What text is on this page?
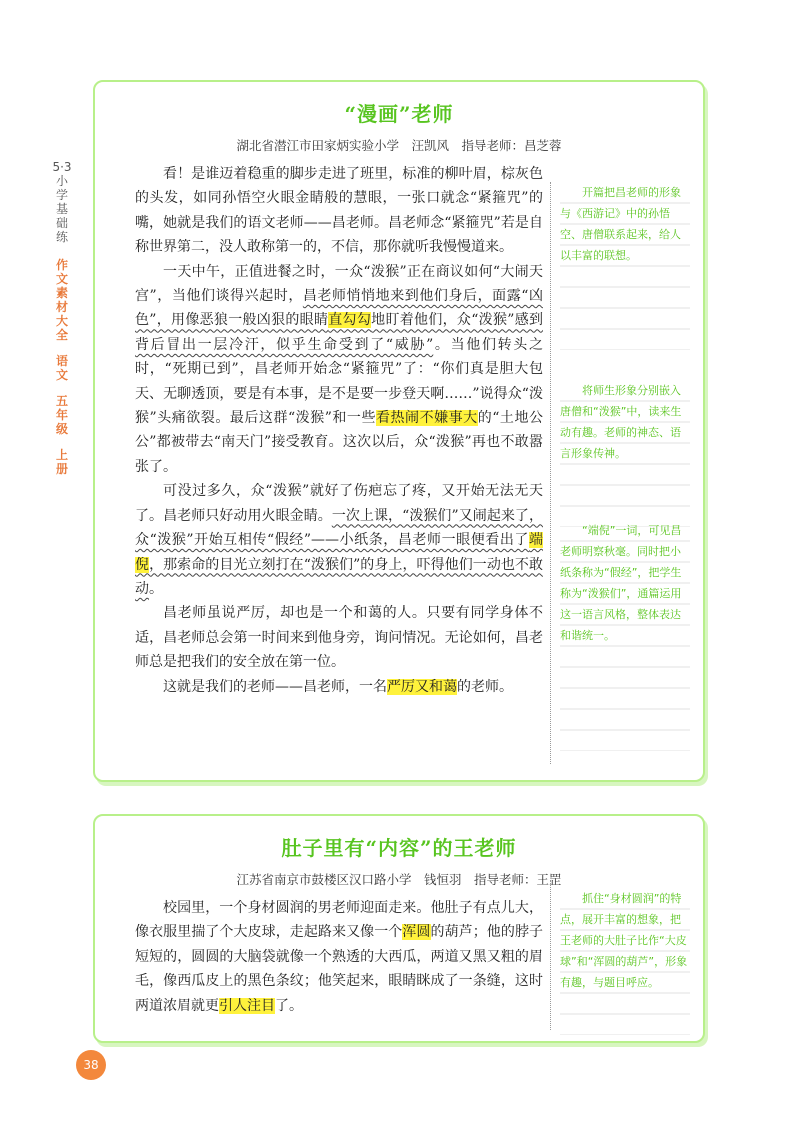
5·3小学基础练
作文素材大全
语文
五年级
上册
“漫画”老师
湖北省潜江市田家炳实验小学　汪凯风　指导老师：昌芝蓉

看！是谁迈着稳重的脚步走进了班里，标准的柳叶眉，棕灰色的头发，如同孙悟空火眼金睛般的慧眼，一张口就念“紧箍咒”的嘴，她就是我们的语文老师——昌老师。昌老师念“紧箍咒”若是自称世界第二，没人敢称第一的，不信，那你就听我慢慢道来。

一天中午，正值进餐之时，一众“泼猴”正在商议如何“大闹天宫”，当他们谈得兴起时，昌老师悄悄地来到他们身后，面露“凶色”，用像恶狼一般凶狠的眼睛直勾勾地盯着他们，众“泼猴”感到背后冒出一层冷汗，似乎生命受到了“威胁”。当他们转头之时，“死期已到”，昌老师开始念“紧箍咒”了：“你们真是胆大包天、无聊透顶，要是有本事，是不是要一步登天啊……”说得众“泼猴”头痛欲裂。最后这群“泼猴”和一些看热闹不嫌事大的“土地公公”都被带去“南天门”接受教育。这次以后，众“泼猴”再也不敢嚣张了。

可没过多久，众“泼猴”就好了伤疤忘了疼，又开始无法无天了。昌老师只好动用火眼金睛。一次上课，“泼猴们”又闹起来了，众“泼猴”开始互相传“假经”——小纸条，昌老师一眼便看出了端倪，那索命的目光立刻打在“泼猴们”的身上，吓得他们一动也不敢动。

昌老师虽说严厉，却也是一个和蔼的人。只要有同学身体不适，昌老师总会第一时间来到他身旁，询问情况。无论如何，昌老师总是把我们的安全放在第一位。

这就是我们的老师——昌老师，一名严厉又和蔼的老师。

开篇把昌老师的形象与《西游记》中的孙悟空、唐僧联系起来，给人以丰富的联想。
将师生形象分别嵌入唐僧和“泼猴”中，读来生动有趣。老师的神态、语言形象传神。
“端倪”一词，可见昌老师明察秋毫。同时把小纸条称为“假经”，把学生称为“泼猴们”，通篇运用这一语言风格，整体表达和谐统一。
肚子里有“内容”的王老师
江苏省南京市鼓楼区汉口路小学　钱恒羽　指导老师：王罡

校园里，一个身材圆润的男老师迎面走来。他肚子有点儿大，像衣服里揣了个大皮球，走起路来又像一个浑圆的葫芦；他的脖子短短的，圆圆的大脑袋就像一个熟透的大西瓜，两道又黑又粗的眉毛，像西瓜皮上的黑色条纹；他笑起来，眼睛眯成了一条缝，这时两道浓眉就更引人注目了。

抓住“身材圆润”的特点，展开丰富的想象，把王老师的大肚子比作“大皮球”和“浑圆的葫芦”，形象有趣，与题目呼应。
38
